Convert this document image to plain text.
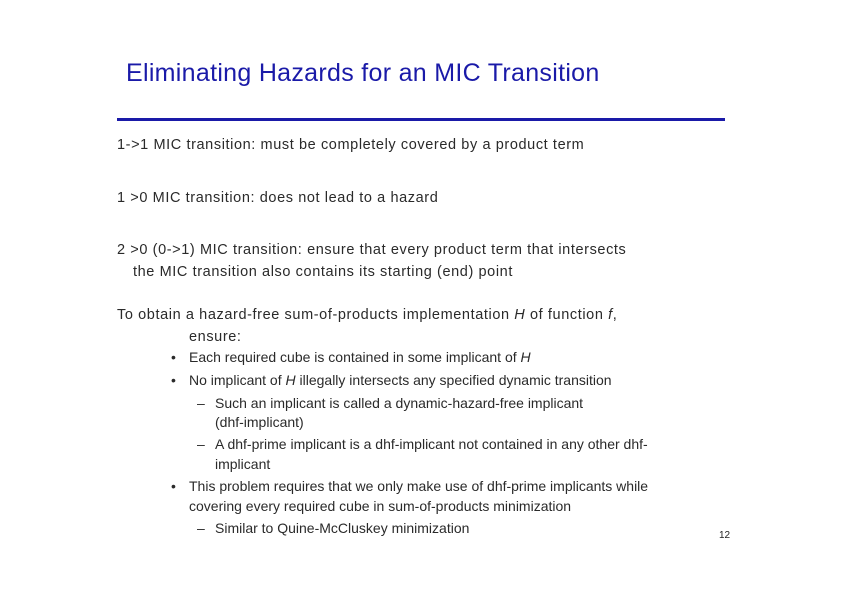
Eliminating Hazards for an MIC Transition
1->1 MIC transition: must be completely covered by a product term
1 >0 MIC transition: does not lead to a hazard
2 >0 (0->1) MIC transition: ensure that every product term that intersects
the MIC transition also contains its starting (end) point
To obtain a hazard-free sum-of-products implementation H of function f,
ensure:
• Each required cube is contained in some implicant of H
• No implicant of H illegally intersects any specified dynamic transition
– Such an implicant is called a dynamic-hazard-free implicant
(dhf-implicant)
– A dhf-prime implicant is a dhf-implicant not contained in any other dhf-
implicant
• This problem requires that we only make use of dhf-prime implicants while
covering every required cube in sum-of-products minimization
– Similar to Quine-McCluskey minimization	12
